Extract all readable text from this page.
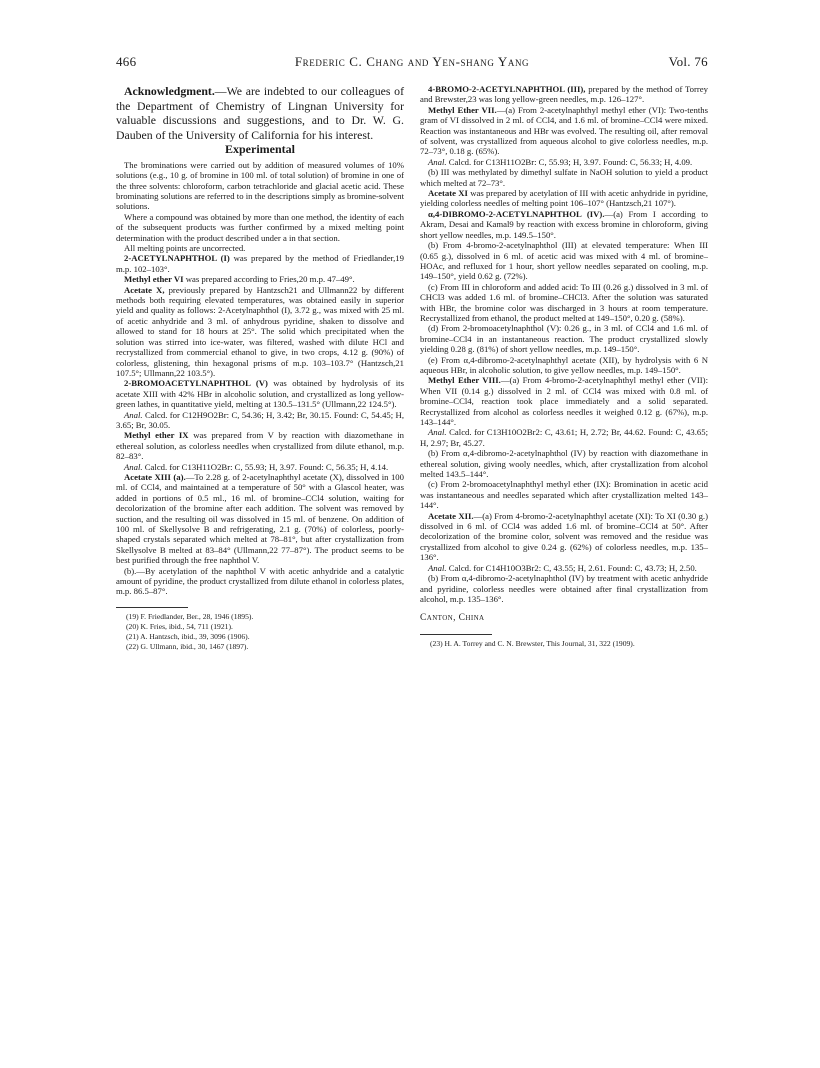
466	Frederic C. Chang and Yen-shang Yang	Vol. 76

Acknowledgment.—We are indebted to our colleagues of the Department of Chemistry of Lingnan University for valuable discussions and suggestions, and to Dr. W. G. Dauben of the University of California for his interest.

Experimental

The brominations were carried out by addition of measured volumes of 10% solutions (e.g., 10 g. of bromine in 100 ml. of total solution) of bromine in one of the three solvents: chloroform, carbon tetrachloride and glacial acetic acid. These brominating solutions are referred to in the descriptions simply as bromine-solvent solutions.

Where a compound was obtained by more than one method, the identity of each of the subsequent products was further confirmed by a mixed melting point determination with the product described under a in that section.

All melting points are uncorrected.

2-ACETYLNAPHTHOL (I) was prepared by the method of Friedlander,19 m.p. 102–103°.

Methyl ether VI was prepared according to Fries,20 m.p. 47–49°.

Acetate X, previously prepared by Hantzsch21 and Ullmann22 by different methods both requiring elevated temperatures, was obtained easily in superior yield and quality as follows: 2-Acetylnaphthol (I), 3.72 g., was mixed with 25 ml. of acetic anhydride and 3 ml. of anhydrous pyridine, shaken to dissolve and allowed to stand for 18 hours at 25°. The solid which precipitated when the solution was stirred into ice-water, was filtered, washed with dilute HCl and recrystallized from commercial ethanol to give, in two crops, 4.12 g. (90%) of colorless, glistening, thin hexagonal prisms of m.p. 103–103.7° (Hantzsch,21 107.5°; Ullmann,22 103.5°).

2-BROMOACETYLNAPHTHOL (V) was obtained by hydrolysis of its acetate XIII with 42% HBr in alcoholic solution, and crystallized as long yellow-green lathes, in quantitative yield, melting at 130.5–131.5° (Ullmann,22 124.5°).

Anal. Calcd. for C12H9O2Br: C, 54.36; H, 3.42; Br, 30.15. Found: C, 54.45; H, 3.65; Br, 30.05.

Methyl ether IX was prepared from V by reaction with diazomethane in ethereal solution, as colorless needles when crystallized from dilute ethanol, m.p. 82–83°.

Anal. Calcd. for C13H11O2Br: C, 55.93; H, 3.97. Found: C, 56.35; H, 4.14.

Acetate XIII (a).—To 2.28 g. of 2-acetylnaphthyl acetate (X), dissolved in 100 ml. of CCl4, and maintained at a temperature of 50° with a Glascol heater, was added in portions of 0.5 ml., 16 ml. of bromine–CCl4 solution, waiting for decolorization of the bromine after each addition. The solvent was removed by suction, and the resulting oil was dissolved in 15 ml. of benzene. On addition of 100 ml. of Skellysolve B and refrigerating, 2.1 g. (70%) of colorless, poorly-shaped crystals separated which melted at 78–81°, but after crystallization from Skellysolve B melted at 83–84° (Ullmann,22 77–87°). The product seems to be best purified through the free naphthol V.

(b).—By acetylation of the naphthol V with acetic anhydride and a catalytic amount of pyridine, the product crystallized from dilute ethanol in colorless plates, m.p. 86.5–87°.

(19) F. Friedlander, Ber., 28, 1946 (1895).

(20) K. Fries, ibid., 54, 711 (1921).

(21) A. Hantzsch, ibid., 39, 3096 (1906).

(22) G. Ullmann, ibid., 30, 1467 (1897).

4-BROMO-2-ACETYLNAPHTHOL (III), prepared by the method of Torrey and Brewster,23 was long yellow-green needles, m.p. 126–127°.

Methyl Ether VII.—(a) From 2-acetylnaphthyl methyl ether (VI): Two-tenths gram of VI dissolved in 2 ml. of CCl4, and 1.6 ml. of bromine–CCl4 were mixed. Reaction was instantaneous and HBr was evolved. The resulting oil, after removal of solvent, was crystallized from aqueous alcohol to give colorless needles, m.p. 72–73°, 0.18 g. (65%).

Anal. Calcd. for C13H11O2Br: C, 55.93; H, 3.97. Found: C, 56.33; H, 4.09.

(b) III was methylated by dimethyl sulfate in NaOH solution to yield a product which melted at 72–73°.

Acetate XI was prepared by acetylation of III with acetic anhydride in pyridine, yielding colorless needles of melting point 106–107° (Hantzsch,21 107°).

α,4-DIBROMO-2-ACETYLNAPHTHOL (IV).—(a) From I according to Akram, Desai and Kamal9 by reaction with excess bromine in chloroform, giving short yellow needles, m.p. 149.5–150°.

(b) From 4-bromo-2-acetylnaphthol (III) at elevated temperature: When III (0.65 g.), dissolved in 6 ml. of acetic acid was mixed with 4 ml. of bromine–HOAc, and refluxed for 1 hour, short yellow needles separated on cooling, m.p. 149–150°, yield 0.62 g. (72%).

(c) From III in chloroform and added acid: To III (0.26 g.) dissolved in 3 ml. of CHCl3 was added 1.6 ml. of bromine–CHCl3. After the solution was saturated with HBr, the bromine color was discharged in 3 hours at room temperature. Recrystallized from ethanol, the product melted at 149–150°, 0.20 g. (58%).

(d) From 2-bromoacetylnaphthol (V): 0.26 g., in 3 ml. of CCl4 and 1.6 ml. of bromine–CCl4 in an instantaneous reaction. The product crystallized slowly yielding 0.28 g. (81%) of short yellow needles, m.p. 149–150°.

(e) From α,4-dibromo-2-acetylnaphthyl acetate (XII), by hydrolysis with 6 N aqueous HBr, in alcoholic solution, to give yellow needles, m.p. 149–150°.

Methyl Ether VIII.—(a) From 4-bromo-2-acetylnaphthyl methyl ether (VII): When VII (0.14 g.) dissolved in 2 ml. of CCl4 was mixed with 0.8 ml. of bromine–CCl4, reaction took place immediately and a solid separated. Recrystallized from alcohol as colorless needles it weighed 0.12 g. (67%), m.p. 143–144°.

Anal. Calcd. for C13H10O2Br2: C, 43.61; H, 2.72; Br, 44.62. Found: C, 43.65; H, 2.97; Br, 45.27.

(b) From α,4-dibromo-2-acetylnaphthol (IV) by reaction with diazomethane in ethereal solution, giving wooly needles, which, after crystallization from alcohol melted 143.5–144°.

(c) From 2-bromoacetylnaphthyl methyl ether (IX): Bromination in acetic acid was instantaneous and needles separated which after crystallization melted 143–144°.

Acetate XII.—(a) From 4-bromo-2-acetylnaphthyl acetate (XI): To XI (0.30 g.) dissolved in 6 ml. of CCl4 was added 1.6 ml. of bromine–CCl4 at 50°. After decolorization of the bromine color, solvent was removed and the residue was crystallized from alcohol to give 0.24 g. (62%) of colorless needles, m.p. 135–136°.

Anal. Calcd. for C14H10O3Br2: C, 43.55; H, 2.61. Found: C, 43.73; H, 2.50.

(b) From α,4-dibromo-2-acetylnaphthol (IV) by treatment with acetic anhydride and pyridine, colorless needles were obtained after final crystallization from alcohol, m.p. 135–136°.

Canton, China

(23) H. A. Torrey and C. N. Brewster, This Journal, 31, 322 (1909).
